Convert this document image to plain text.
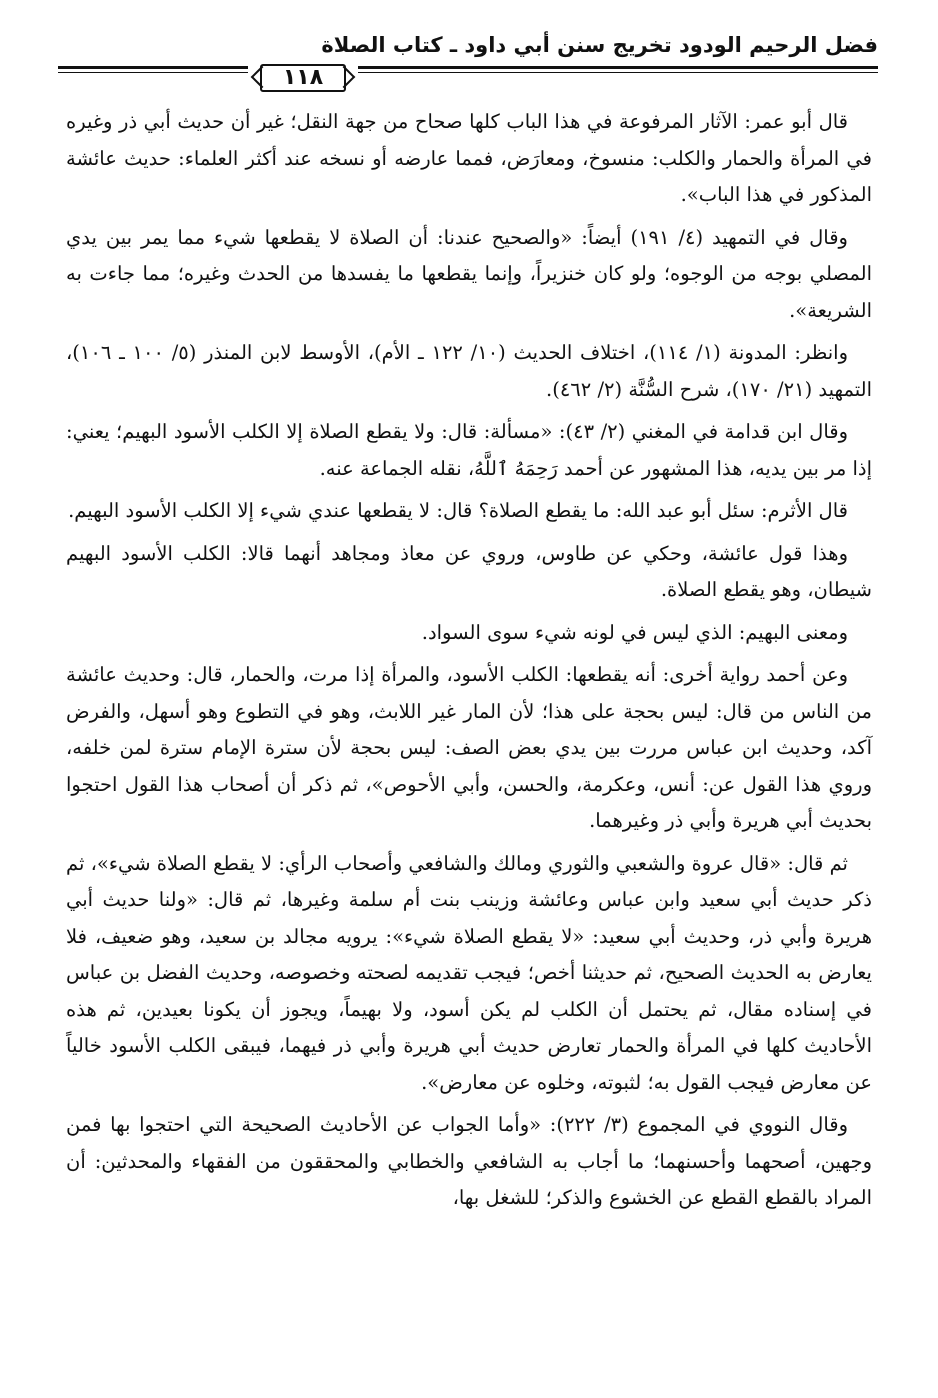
فضل الرحيم الودود تخريج سنن أبي داود ـ كتاب الصلاة
١١٨

قال أبو عمر: الآثار المرفوعة في هذا الباب كلها صحاح من جهة النقل؛ غير أن حديث أبي ذر وغيره في المرأة والحمار والكلب: منسوخ، ومعارَض، فمما عارضه أو نسخه عند أكثر العلماء: حديث عائشة المذكور في هذا الباب».

وقال في التمهيد (٤/ ١٩١) أيضاً: «والصحيح عندنا: أن الصلاة لا يقطعها شيء مما يمر بين يدي المصلي بوجه من الوجوه؛ ولو كان خنزيراً، وإنما يقطعها ما يفسدها من الحدث وغيره؛ مما جاءت به الشريعة».

وانظر: المدونة (١/ ١١٤)، اختلاف الحديث (١٠/ ١٢٢ ـ الأم)، الأوسط لابن المنذر (٥/ ١٠٠ ـ ١٠٦)، التمهيد (٢١/ ١٧٠)، شرح السُّنَّة (٢/ ٤٦٢).

وقال ابن قدامة في المغني (٢/ ٤٣): «مسألة: قال: ولا يقطع الصلاة إلا الكلب الأسود البهيم؛ يعني: إذا مر بين يديه، هذا المشهور عن أحمد رَحِمَهُ ٱللَّهُ، نقله الجماعة عنه.

قال الأثرم: سئل أبو عبد الله: ما يقطع الصلاة؟ قال: لا يقطعها عندي شيء إلا الكلب الأسود البهيم.

وهذا قول عائشة، وحكي عن طاوس، وروي عن معاذ ومجاهد أنهما قالا: الكلب الأسود البهيم شيطان، وهو يقطع الصلاة.

ومعنى البهيم: الذي ليس في لونه شيء سوى السواد.

وعن أحمد رواية أخرى: أنه يقطعها: الكلب الأسود، والمرأة إذا مرت، والحمار، قال: وحديث عائشة من الناس من قال: ليس بحجة على هذا؛ لأن المار غير اللابث، وهو في التطوع وهو أسهل، والفرض آكد، وحديث ابن عباس مررت بين يدي بعض الصف: ليس بحجة لأن سترة الإمام سترة لمن خلفه، وروي هذا القول عن: أنس، وعكرمة، والحسن، وأبي الأحوص»، ثم ذكر أن أصحاب هذا القول احتجوا بحديث أبي هريرة وأبي ذر وغيرهما.

ثم قال: «قال عروة والشعبي والثوري ومالك والشافعي وأصحاب الرأي: لا يقطع الصلاة شيء»، ثم ذكر حديث أبي سعيد وابن عباس وعائشة وزينب بنت أم سلمة وغيرها، ثم قال: «ولنا حديث أبي هريرة وأبي ذر، وحديث أبي سعيد: «لا يقطع الصلاة شيء»: يرويه مجالد بن سعيد، وهو ضعيف، فلا يعارض به الحديث الصحيح، ثم حديثنا أخص؛ فيجب تقديمه لصحته وخصوصه، وحديث الفضل بن عباس في إسناده مقال، ثم يحتمل أن الكلب لم يكن أسود، ولا بهيماً، ويجوز أن يكونا بعيدين، ثم هذه الأحاديث كلها في المرأة والحمار تعارض حديث أبي هريرة وأبي ذر فيهما، فيبقى الكلب الأسود خالياً عن معارض فيجب القول به؛ لثبوته، وخلوه عن معارض».

وقال النووي في المجموع (٣/ ٢٢٢): «وأما الجواب عن الأحاديث الصحيحة التي احتجوا بها فمن وجهين، أصحهما وأحسنهما؛ ما أجاب به الشافعي والخطابي والمحققون من الفقهاء والمحدثين: أن المراد بالقطع القطع عن الخشوع والذكر؛ للشغل بها،
